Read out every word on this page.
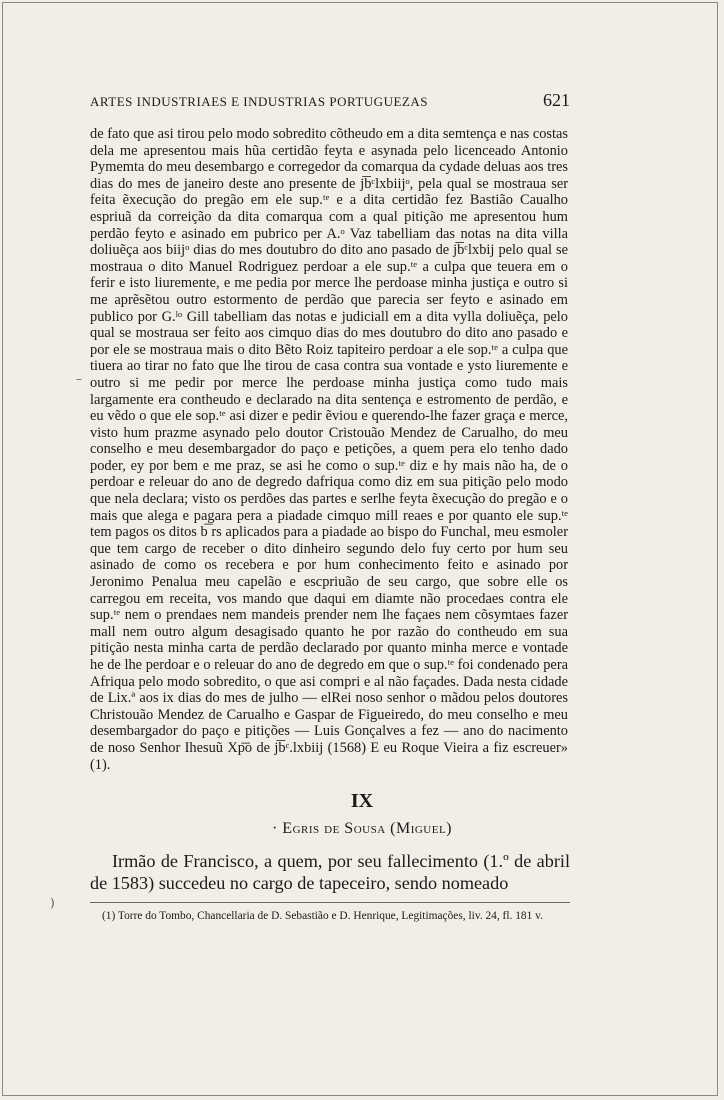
ARTES INDUSTRIAES E INDUSTRIAS PORTUGUEZAS	621

de fato que asi tirou pelo modo sobredito cõtheudo em a dita semtença e nas costas dela me apresentou mais hũa certidão feyta e asynada pelo licenceado Antonio Pymemta do meu desembargo e corregedor da comarqua da cydade deluas aos tres dias do mes de janeiro deste ano presente de j͞bᶜlxbiijᵒ, pela qual se mostraua ser feita ẽxecução do pregão em ele sup.ᵗᵉ e a dita certidão fez Bastião Caualho espriuã da correição da dita comarqua com a qual pitição me apresentou hum perdão feyto e asinado em pubrico per A.ᵒ Vaz tabelliam das notas na dita villa doliuẽça aos biijᵒ dias do mes doutubro do dito ano pasado de j͞bᶜlxbij pelo qual se mostraua o dito Manuel Rodriguez perdoar a ele sup.ᵗᵉ a culpa que teuera em o ferir e isto liuremente, e me pedia por merce lhe perdoase minha justiça e outro si me aprẽsẽtou outro estormento de perdão que parecia ser feyto e asinado em publico por G.ˡᵒ Gill tabelliam das notas e judiciall em a dita vylla doliuẽça, pelo qual se mostraua ser feito aos cimquo dias do mes doutubro do dito ano pasado e por ele se mostraua mais o dito Bẽto Roiz tapiteiro perdoar a ele sop.ᵗᵉ a culpa que tiuera ao tirar no fato que lhe tirou de casa contra sua vontade e ysto liuremente e outro si me pedir por merce lhe perdoase minha justiça como tudo mais largamente era contheudo e declarado na dita sentença e estromento de perdão, e eu vẽdo o que ele sop.ᵗᵉ asi dizer e pedir ẽviou e querendo-lhe fazer graça e merce, visto hum prazme asynado pelo doutor Cristouão Mendez de Carualho, do meu conselho e meu desembargador do paço e petições, a quem pera elo tenho dado poder, ey por bem e me praz, se asi he como o sup.ᵗᵉ diz e hy mais não ha, de o perdoar e releuar do ano de degredo dafriqua como diz em sua pitição pelo modo que nela declara; visto os perdões das partes e serlhe feyta ẽxecução do pregão e o mais que alega e pagara pera a piadade cimquo mill reaes e por quanto ele sup.ᵗᵉ tem pagos os ditos b͞ rs aplicados para a piadade ao bispo do Funchal, meu esmoler que tem cargo de receber o dito dinheiro segundo delo fuy certo por hum seu asinado de como os recebera e por hum conhecimento feito e asinado por Jeronimo Penalua meu capelão e escpriuão de seu cargo, que sobre elle os carregou em receita, vos mando que daqui em diamte não procedaes contra ele sup.ᵗᵉ nem o prendaes nem mandeis prender nem lhe façaes nem cõsymtaes fazer mall nem outro algum desagisado quanto he por razão do contheudo em sua pitição nesta minha carta de perdão declarado por quanto minha merce e vontade he de lhe perdoar e o releuar do ano de degredo em que o sup.ᵗᵉ foi condenado pera Afriqua pelo modo sobredito, o que asi compri e al não façades. Dada nesta cidade de Lix.ª aos ix dias do mes de julho — elRei noso senhor o mãdou pelos doutores Christouão Mendez de Carualho e Gaspar de Figueiredo, do meu conselho e meu desembargador do paço e pitições — Luis Gonçalves a fez — ano do nacimento de noso Senhor Ihesuũ Xp͞o de j͞bᶜ.lxbiij (1568) E eu Roque Vieira a fiz escreuer» (1).

–
)
IX
· Egris de Sousa (Miguel)

Irmão de Francisco, a quem, por seu fallecimento (1.º de abril de 1583) succedeu no cargo de tapeceiro, sendo nomeado

(1) Torre do Tombo, Chancellaria de D. Sebastião e D. Henrique, Legitimações, liv. 24, fl. 181 v.
